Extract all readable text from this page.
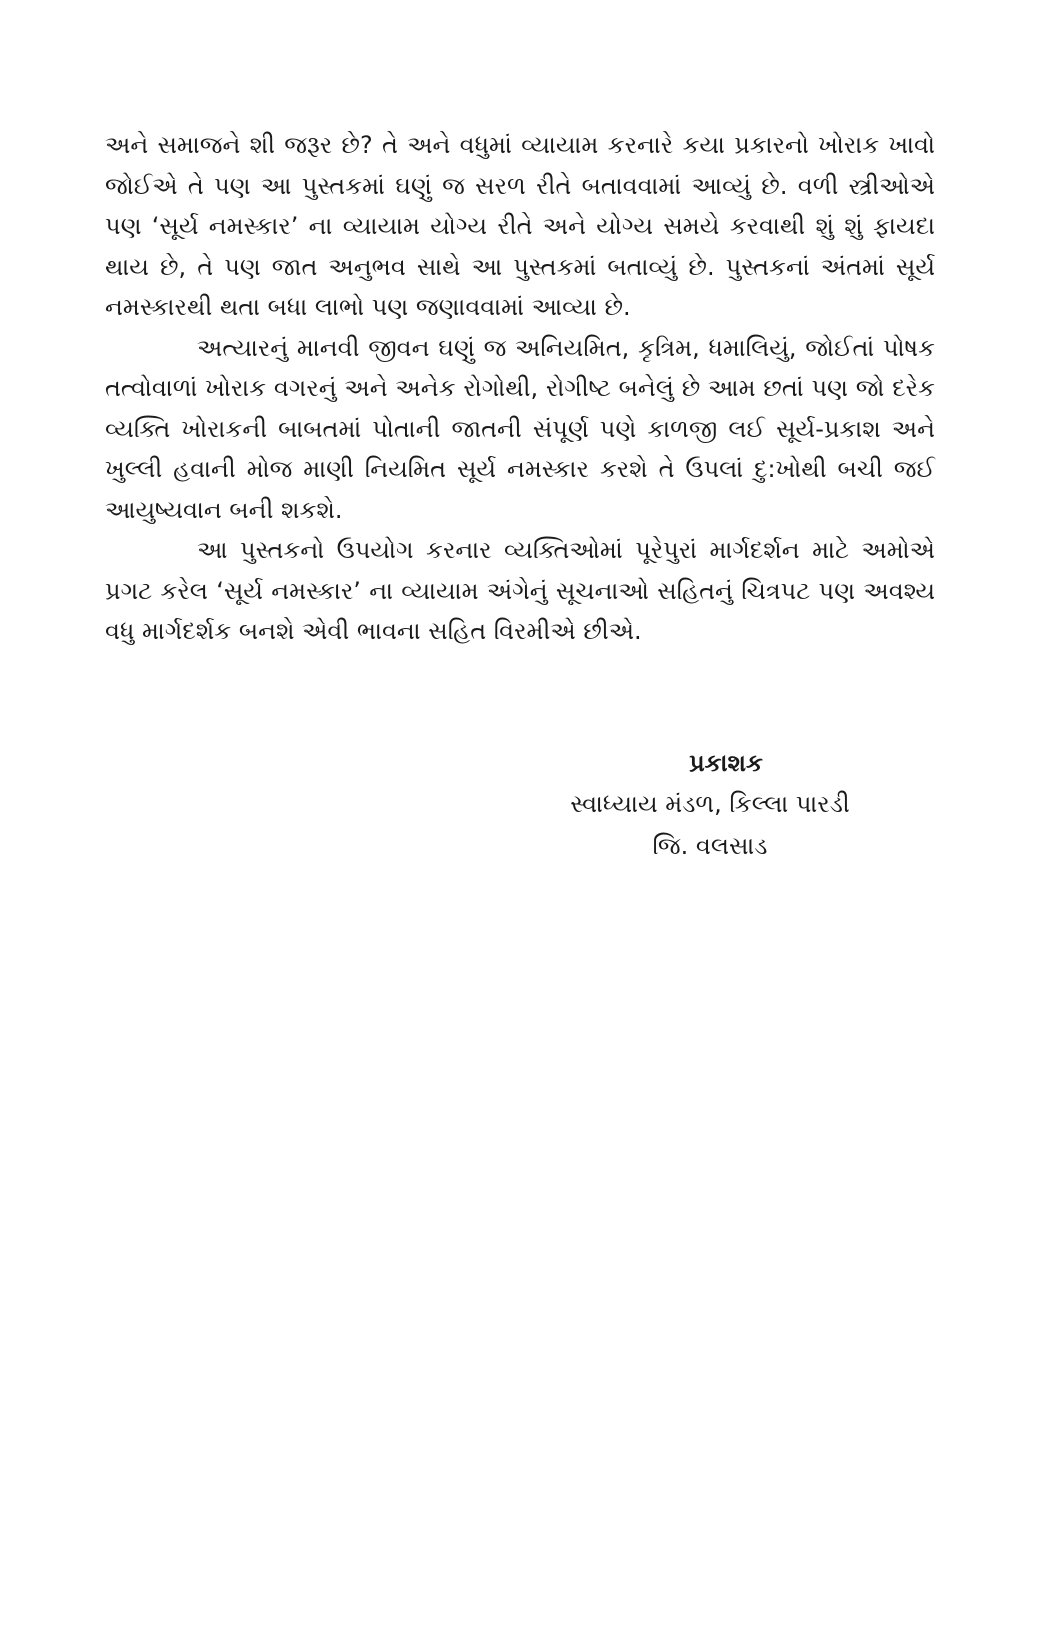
અને સમાજને શી જરૂર છે? તે અને વધુમાં વ્યાયામ કરનારે કયા પ્રકારનો ખોરાક ખાવો જોઈએ તે પણ આ પુસ્તકમાં ઘણું જ સરળ રીતે બતાવવામાં આવ્યું છે. વળી સ્ત્રીઓએ પણ ‘સૂર્ય નમસ્કાર’ ના વ્યાયામ યોગ્ય રીતે અને યોગ્ય સમયે કરવાથી શું શું ફાયદા થાય છે, તે પણ જાત અનુભવ સાથે આ પુસ્તકમાં બતાવ્યું છે. પુસ્તકનાં અંતમાં સૂર્ય નમસ્કારથી થતા બધા લાભો પણ જણાવવામાં આવ્યા છે.

અત્યારનું માનવી જીવન ઘણું જ અનિયમિત, કૃત્રિમ, ધમાલિયું, જોઈતાં પોષક તત્વોવાળાં ખોરાક વગરનું અને અનેક રોગોથી, રોગીષ્ટ બનેલું છે આમ છતાં પણ જો દરેક વ્યક્તિ ખોરાકની બાબતમાં પોતાની જાતની સંપૂર્ણ પણે કાળજી લઈ સૂર્ય-પ્રકાશ અને ખુલ્લી હવાની મોજ માણી નિયમિત સૂર્ય નમસ્કાર કરશે તે ઉપલાં દુ:ખોથી બચી જઈ આયુષ્યવાન બની શકશે.

આ પુસ્તકનો ઉપયોગ કરનાર વ્યક્તિઓમાં પૂરેપુરાં માર્ગદર્શન માટે અમોએ પ્રગટ કરેલ ‘સૂર્ય નમસ્કાર’ ના વ્યાયામ અંગેનું સૂચનાઓ સહિતનું ચિત્રપટ પણ અવશ્ય વધુ માર્ગદર્શક બનશે એવી ભાવના સહિત વિરમીએ છીએ.

પ્રકાશક
સ્વાધ્યાય મંડળ, કિલ્લા પારડી
જિ. વલસાડ
